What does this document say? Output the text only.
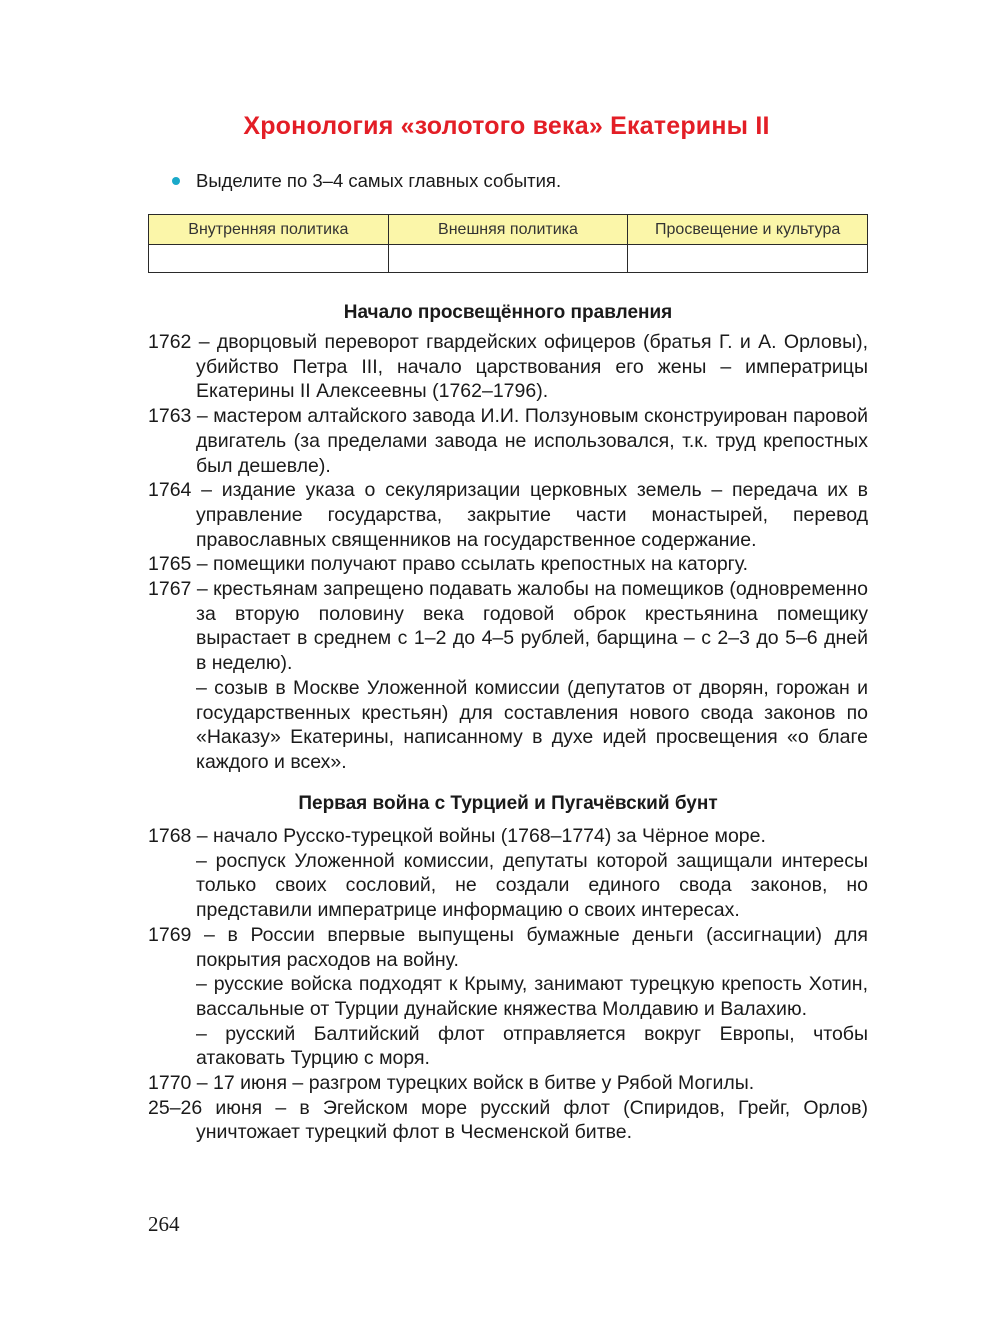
Хронология «золотого века» Екатерины II
Выделите по 3–4 самых главных события.
Внутренняя политика	Внешняя политика	Просвещение и культура

Начало просвещённого правления
1762 – дворцовый переворот гвардейских офицеров (братья Г. и А. Орловы), убийство Петра III, начало царствования его жены – императрицы Екатерины II Алексеевны (1762–1796).
1763 – мастером алтайского завода И.И. Ползуновым сконструирован паровой двигатель (за пределами завода не использовался, т.к. труд крепостных был дешевле).
1764 – издание указа о секуляризации церковных земель – передача их в управление государства, закрытие части монастырей, перевод православных священников на государственное содержание.
1765 – помещики получают право ссылать крепостных на каторгу.
1767 – крестьянам запрещено подавать жалобы на помещиков (одновременно за вторую половину века годовой оброк крестьянина помещику вырастает в среднем с 1–2 до 4–5 рублей, барщина – с 2–3 до 5–6 дней в неделю).
– созыв в Москве Уложенной комиссии (депутатов от дворян, горожан и государственных крестьян) для составления нового свода законов по «Наказу» Екатерины, написанному в духе идей просвещения «о благе каждого и всех».
Первая война с Турцией и Пугачёвский бунт
1768 – начало Русско-турецкой войны (1768–1774) за Чёрное море.
– роспуск Уложенной комиссии, депутаты которой защищали интересы только своих сословий, не создали единого свода законов, но представили императрице информацию о своих интересах.
1769 – в России впервые выпущены бумажные деньги (ассигнации) для покрытия расходов на войну.
– русские войска подходят к Крыму, занимают турецкую крепость Хотин, вассальные от Турции дунайские княжества Молдавию и Валахию.
– русский Балтийский флот отправляется вокруг Европы, чтобы атаковать Турцию с моря.
1770 – 17 июня – разгром турецких войск в битве у Рябой Могилы.
25–26 июня – в Эгейском море русский флот (Спиридов, Грейг, Орлов) уничтожает турецкий флот в Чесменской битве.
264
